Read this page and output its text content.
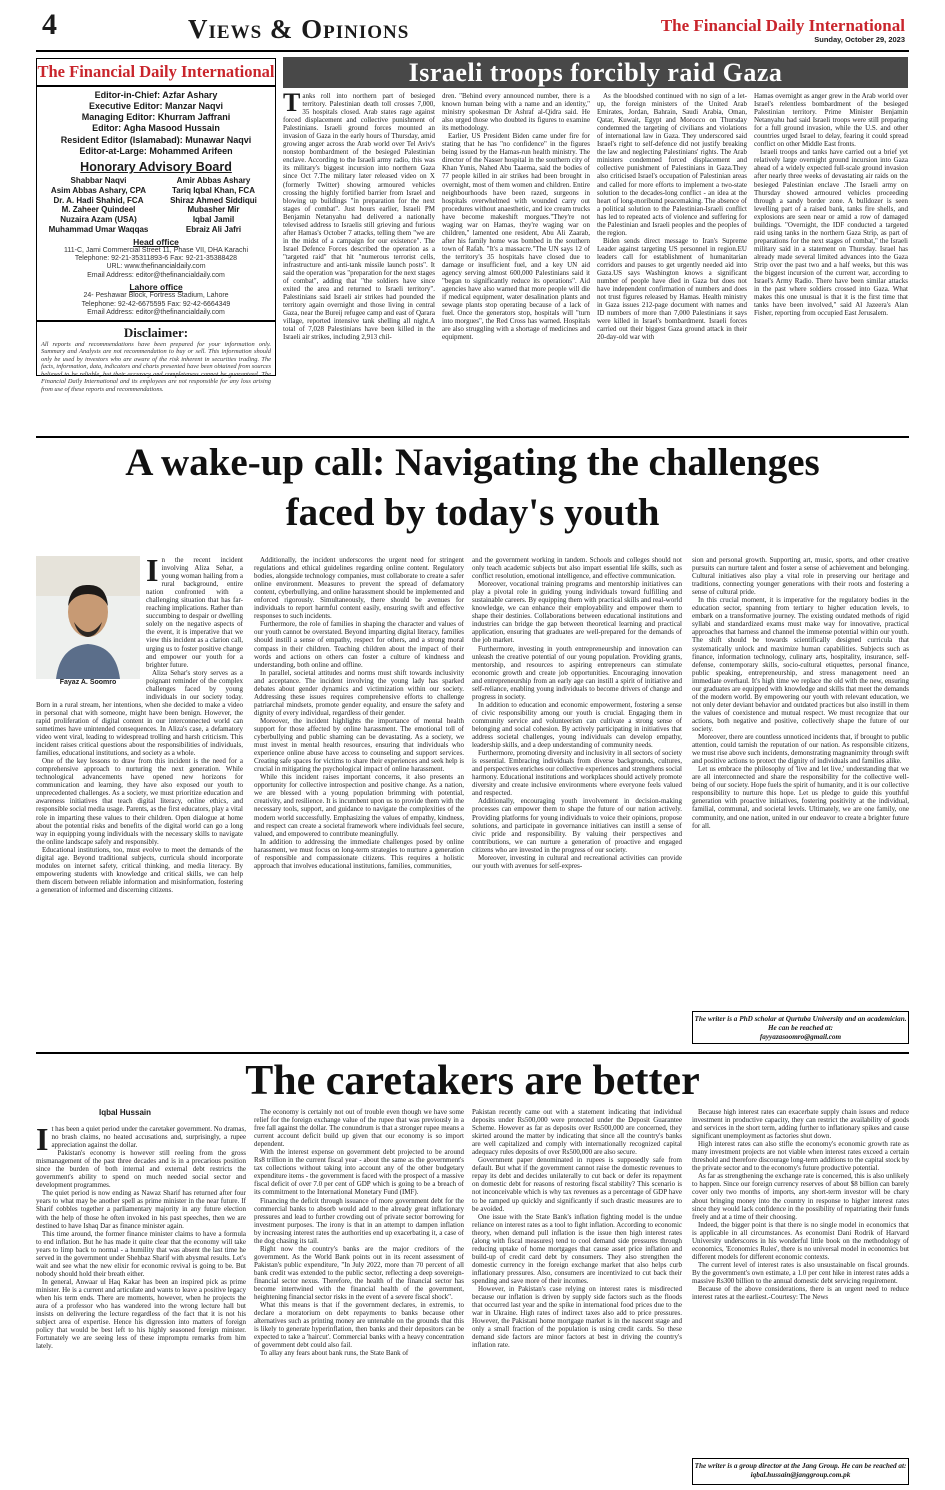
4	Views & Opinions	The Financial Daily International
Sunday, October 29, 2023
The Financial Daily International
Editor-in-Chief: Azfar Ashary
Executive Editor: Manzar Naqvi
Managing Editor: Khurram Jaffrani
Editor: Agha Masood Hussain
Resident Editor (Islamabad): Munawar Naqvi
Editor-at-Large: Mohammed Arifeen
Honorary Advisory Board
Shabbar Naqvi
Asim Abbas Ashary, CPA
Dr. A. Hadi Shahid, FCA
M. Zaheer Quindeel
Nuzaira Azam (USA)
Muhammad Umar Waqqas
Amir Abbas Ashary
Tariq Iqbal Khan, FCA
Shiraz Ahmed Siddiqui
Mubasher Mir
Iqbal Jamil
Ebraiz Ali Jafri
Head office
111-C, Jami Commercial Street 11, Phase VII, DHA Karachi
Telephone: 92-21-35311893-6 Fax: 92-21-35388428
URL: www.thefinancialdaily.com
Email Address: editor@thefinancialdaily.com
Lahore office
24- Peshawar Block, Fortress Stadium, Lahore
Telephone: 92-42-6675595 Fax: 92-42-6664349
Email Address: editor@thefinancialdaily.com
Disclaimer:
All reports and recommendations have been prepared for your information only. Summary and Analysis are not recommendation to buy or sell. This information should only be used by investors who are aware of the risk inherent in securities trading. The facts, information, data, indicators and charts presented have been obtained from sources believed to be reliable, but their accuracy and completeness cannot be guaranteed. The Financial Daily International and its employees are not responsible for any loss arising from use of these reports and recommendations.
Israeli troops forcibly raid Gaza
T anks roll into northern part of besieged territory. Palestinian death toll crosses 7,000, 35 hospitals closed. Arab states rage against forced displacement and collective punishment of Palestinians. Israeli ground forces mounted an invasion of Gaza in the early hours of Thursday, amid growing anger across the Arab world over Tel Aviv's nonstop bombardment of the besieged Palestinian enclave. According to the Israeli army radio, this was its military's biggest incursion into northern Gaza since Oct 7.The military later released video on X (formerly Twitter) showing armoured vehicles crossing the highly fortified barrier from Israel and blowing up buildings "in preparation for the next stages of combat". Just hours earlier, Israeli PM Benjamin Netanyahu had delivered a nationally televised address to Israelis still grieving and furious after Hamas's October 7 attacks, telling them "we are in the midst of a campaign for our existence". The Israel Defence Forces described the operation as a "targeted raid" that hit "numerous terrorist cells, infrastructure and anti-tank missile launch posts". It said the operation was "preparation for the next stages of combat", adding that "the soldiers have since exited the area and returned to Israeli territory". Palestinians said Israeli air strikes had pounded the territory again overnight and those living in central Gaza, near the Bureij refugee camp and east of Qarara village, reported intensive tank shelling all night.A total of 7,028 Palestinians have been killed in the Israeli air strikes, including 2,913 chil-

dren. "Behind every announced number, there is a known human being with a name and an identity," ministry spokesman Dr Ashraf al-Qidra said. He also urged those who doubted its figures to examine its methodology.

Earlier, US President Biden came under fire for stating that he has "no confidence" in the figures being issued by the Hamas-run health ministry. The director of the Nasser hospital in the southern city of Khan Yunis, Nahed Abu Taaema, said the bodies of 77 people killed in air strikes had been brought in overnight, most of them women and children. Entire neighbourhoods have been razed, surgeons in hospitals overwhelmed with wounded carry out procedures without anaesthetic, and ice cream trucks have become makeshift morgues."They're not waging war on Hamas, they're waging war on children," lamented one resident, Abu Ali Zaarab, after his family home was bombed in the southern town of Rafah. "It's a massacre."The UN says 12 of the territory's 35 hospitals have closed due to damage or insufficient fuel, and a key UN aid agency serving almost 600,000 Palestinians said it "began to significantly reduce its operations". Aid agencies have also warned that more people will die if medical equipment, water desalination plants and sewage plants stop operating because of a lack of fuel. Once the generators stop, hospitals will "turn into morgues", the Red Cross has warned. Hospitals are also struggling with a shortage of medicines and equipment.

As the bloodshed continued with no sign of a let-up, the foreign ministers of the United Arab Emirates, Jordan, Bahrain, Saudi Arabia, Oman, Qatar, Kuwait, Egypt and Morocco on Thursday condemned the targeting of civilians and violations of international law in Gaza. They underscored said Israel's right to self-defence did not justify breaking the law and neglecting Palestinians' rights. The Arab ministers condemned forced displacement and collective punishment of Palestinians in Gaza.They also criticised Israel's occupation of Palestinian areas and called for more efforts to implement a two-state solution to the decades-long conflict - an idea at the heart of long-moribund peacemaking. The absence of a political solution to the Palestinian-Israeli conflict has led to repeated acts of violence and suffering for the Palestinian and Israeli peoples and the peoples of the region.

Biden sends direct message to Iran's Supreme Leader against targeting US personnel in region.EU leaders call for establishment of humanitarian corridors and pauses to get urgently needed aid into Gaza.US says Washington knows a significant number of people have died in Gaza but does not have independent confirmation of numbers and does not trust figures released by Hamas. Health ministry in Gaza issues 212-page document with names and ID numbers of more than 7,000 Palestinians it says were killed in Israel's bombardment. Israeli forces carried out their biggest Gaza ground attack in their 20-day-old war with

Hamas overnight as anger grew in the Arab world over Israel's relentless bombardment of the besieged Palestinian territory. Prime Minister Benjamin Netanyahu had said Israeli troops were still preparing for a full ground invasion, while the U.S. and other countries urged Israel to delay, fearing it could spread conflict on other Middle East fronts.

Israeli troops and tanks have carried out a brief yet relatively large overnight ground incursion into Gaza ahead of a widely expected full-scale ground invasion after nearly three weeks of devastating air raids on the besieged Palestinian enclave .The Israeli army on Thursday showed armoured vehicles proceeding through a sandy border zone. A bulldozer is seen levelling part of a raised bank, tanks fire shells, and explosions are seen near or amid a row of damaged buildings. "Overnight, the IDF conducted a targeted raid using tanks in the northern Gaza Strip, as part of preparations for the next stages of combat," the Israeli military said in a statement on Thursday. Israel has already made several limited advances into the Gaza Strip over the past two and a half weeks, but this was the biggest incursion of the current war, according to Israel's Army Radio. There have been similar attacks in the past where soldiers crossed into Gaza. What makes this one unusual is that it is the first time that tanks have been involved," said Al Jazeera's Alan Fisher, reporting from occupied East Jerusalem.

A wake-up call: Navigating the challenges
faced by today's youth
Fayaz A. Soomro
I n the recent incident involving Aliza Sehar, a young woman hailing from a rural background, entire nation confronted with a challenging situation that has far-reaching implications. Rather than succumbing to despair or dwelling solely on the negative aspects of the event, it is imperative that we view this incident as a clarion call, urging us to foster positive change and empower our youth for a brighter future.

Aliza Sehar's story serves as a poignant reminder of the complex challenges faced by young individuals in our society today. Born in a rural stream, her intentions, when she decided to make a video in personal chat with someone, might have been benign. However, the rapid proliferation of digital content in our interconnected world can sometimes have unintended consequences. In Aliza's case, a defamatory video went viral, leading to widespread trolling and harsh criticism. This incident raises critical questions about the responsibilities of individuals, families, educational institutions, and society as a whole.

One of the key lessons to draw from this incident is the need for a comprehensive approach to nurturing the next generation. While technological advancements have opened new horizons for communication and learning, they have also exposed our youth to unprecedented challenges. As a society, we must prioritize education and awareness initiatives that teach digital literacy, online ethics, and responsible social media usage. Parents, as the first educators, play a vital role in imparting these values to their children. Open dialogue at home about the potential risks and benefits of the digital world can go a long way in equipping young individuals with the necessary skills to navigate the online landscape safely and responsibly.

Educational institutions, too, must evolve to meet the demands of the digital age. Beyond traditional subjects, curricula should incorporate modules on internet safety, critical thinking, and media literacy. By empowering students with knowledge and critical skills, we can help them discern between reliable information and misinformation, fostering a generation of informed and discerning citizens.

Additionally, the incident underscores the urgent need for stringent regulations and ethical guidelines regarding online content. Regulatory bodies, alongside technology companies, must collaborate to create a safer online environment. Measures to prevent the spread of defamatory content, cyberbullying, and online harassment should be implemented and enforced rigorously. Simultaneously, there should be avenues for individuals to report harmful content easily, ensuring swift and effective responses to such incidents.

Furthermore, the role of families in shaping the character and values of our youth cannot be overstated. Beyond imparting digital literacy, families should instill a sense of empathy, respect for others, and a strong moral compass in their children. Teaching children about the impact of their words and actions on others can foster a culture of kindness and understanding, both online and offline.

In parallel, societal attitudes and norms must shift towards inclusivity and acceptance. The incident involving the young lady has sparked debates about gender dynamics and victimization within our society. Addressing these issues requires comprehensive efforts to challenge patriarchal mindsets, promote gender equality, and ensure the safety and dignity of every individual, regardless of their gender.

Moreover, the incident highlights the importance of mental health support for those affected by online harassment. The emotional toll of cyberbullying and public shaming can be devastating. As a society, we must invest in mental health resources, ensuring that individuals who experience online abuse have access to counseling and support services. Creating safe spaces for victims to share their experiences and seek help is crucial in mitigating the psychological impact of online harassment.

While this incident raises important concerns, it also presents an opportunity for collective introspection and positive change. As a nation, we are blessed with a young population brimming with potential, creativity, and resilience. It is incumbent upon us to provide them with the necessary tools, support, and guidance to navigate the complexities of the modern world successfully. Emphasizing the values of empathy, kindness, and respect can create a societal framework where individuals feel secure, valued, and empowered to contribute meaningfully.

In addition to addressing the immediate challenges posed by online harassment, we must focus on long-term strategies to nurture a generation of responsible and compassionate citizens. This requires a holistic approach that involves educational institutions, families, communities,

and the government working in tandem. Schools and colleges should not only teach academic subjects but also impart essential life skills, such as conflict resolution, emotional intelligence, and effective communication.

Moreover, vocational training programs and mentorship initiatives can play a pivotal role in guiding young individuals toward fulfilling and sustainable careers. By equipping them with practical skills and real-world knowledge, we can enhance their employability and empower them to shape their destinies. Collaborations between educational institutions and industries can bridge the gap between theoretical learning and practical application, ensuring that graduates are well-prepared for the demands of the job market.

Furthermore, investing in youth entrepreneurship and innovation can unleash the creative potential of our young population. Providing grants, mentorship, and resources to aspiring entrepreneurs can stimulate economic growth and create job opportunities. Encouraging innovation and entrepreneurship from an early age can instill a spirit of initiative and self-reliance, enabling young individuals to become drivers of change and progress in society.

In addition to education and economic empowerment, fostering a sense of civic responsibility among our youth is crucial. Engaging them in community service and volunteerism can cultivate a strong sense of belonging and social cohesion. By actively participating in initiatives that address societal challenges, young individuals can develop empathy, leadership skills, and a deep understanding of community needs.

Furthermore, promoting diversity and inclusivity in all sectors of society is essential. Embracing individuals from diverse backgrounds, cultures, and perspectives enriches our collective experiences and strengthens social harmony. Educational institutions and workplaces should actively promote diversity and create inclusive environments where everyone feels valued and respected.

Additionally, encouraging youth involvement in decision-making processes can empower them to shape the future of our nation actively. Providing platforms for young individuals to voice their opinions, propose solutions, and participate in governance initiatives can instill a sense of civic pride and responsibility. By valuing their perspectives and contributions, we can nurture a generation of proactive and engaged citizens who are invested in the progress of our society.

Moreover, investing in cultural and recreational activities can provide our youth with avenues for self-expres-

sion and personal growth. Supporting art, music, sports, and other creative pursuits can nurture talent and foster a sense of achievement and belonging. Cultural initiatives also play a vital role in preserving our heritage and traditions, connecting younger generations with their roots and fostering a sense of cultural pride.

In this crucial moment, it is imperative for the regulatory bodies in the education sector, spanning from tertiary to higher education levels, to embark on a transformative journey. The existing outdated methods of rigid syllabi and standardized exams must make way for innovative, practical approaches that harness and channel the immense potential within our youth. The shift should be towards scientifically designed curricula that systematically unlock and maximize human capabilities. Subjects such as finance, information technology, culinary arts, hospitality, insurance, self-defense, contemporary skills, socio-cultural etiquettes, personal finance, public speaking, entrepreneurship, and stress management need an immediate overhaul. It's high time we replace the old with the new, ensuring our graduates are equipped with knowledge and skills that meet the demands of the modern world. By empowering our youth with relevant education, we not only deter deviant behavior and outdated practices but also instill in them the values of coexistence and mutual respect. We must recognize that our actions, both negative and positive, collectively shape the future of our society.

Moreover, there are countless unnoticed incidents that, if brought to public attention, could tarnish the reputation of our nation. As responsible citizens, we must rise above such incidents, demonstrating magnanimity through swift and positive actions to protect the dignity of individuals and families alike.

Let us embrace the philosophy of 'live and let live,' understanding that we are all interconnected and share the responsibility for the collective well-being of our society. Hope fuels the spirit of humanity, and it is our collective responsibility to nurture this hope. Let us pledge to guide this youthful generation with proactive initiatives, fostering positivity at the individual, familial, communal, and societal levels. Ultimately, we are one family, one community, and one nation, united in our endeavor to create a brighter future for all.

The writer is a PhD scholar at Qurtuba University and an academician. He can be reached at:
fayyazasoomro@gmail.com
The caretakers are better
Iqbal Hussain
I t has been a quiet period under the caretaker government. No dramas, no brash claims, no heated accusations and, surprisingly, a rupee appreciation against the dollar.

Pakistan's economy is however still reeling from the gross mismanagement of the past three decades and is in a precarious position since the burden of both internal and external debt restricts the government's ability to spend on much needed social sector and development programmes.

The quiet period is now ending as Nawaz Sharif has returned after four years to what may be another spell as prime minister in the near future. If Sharif cobbles together a parliamentary majority in any future election with the help of those he often invoked in his past speeches, then we are destined to have Ishaq Dar as finance minister again.

This time around, the former finance minister claims to have a formula to end inflation. But he has made it quite clear that the economy will take years to limp back to normal - a humility that was absent the last time he served in the government under Shehbaz Sharif with abysmal results. Let's wait and see what the new elixir for economic revival is going to be. But nobody should hold their breath either.

In general, Anwaar ul Haq Kakar has been an inspired pick as prime minister. He is a current and articulate and wants to leave a positive legacy when his term ends. There are moments, however, when he projects the aura of a professor who has wandered into the wrong lecture hall but insists on delivering the lecture regardless of the fact that it is not his subject area of expertise. Hence his digression into matters of foreign policy that would be best left to his highly seasoned foreign minister. Fortunately we are seeing less of these impromptu remarks from him lately.

The economy is certainly not out of trouble even though we have some relief for the foreign exchange value of the rupee that was previously in a free fall against the dollar. The conundrum is that a stronger rupee means a current account deficit build up given that our economy is so import dependent.

With the interest expense on government debt projected to be around Rs8 trillion in the current fiscal year - about the same as the government's tax collections without taking into account any of the other budgetary expenditure items - the government is faced with the prospect of a massive fiscal deficit of over 7.0 per cent of GDP which is going to be a breach of its commitment to the International Monetary Fund (IMF).

Financing the deficit through issuance of more government debt for the commercial banks to absorb would add to the already great inflationary pressures and lead to further crowding out of private sector borrowing for investment purposes. The irony is that in an attempt to dampen inflation by increasing interest rates the authorities end up exacerbating it, a case of the dog chasing its tail.

Right now the country's banks are the major creditors of the government. As the World Bank points out in its recent assessment of Pakistan's public expenditure, "In July 2022, more than 70 percent of all bank credit was extended to the public sector, reflecting a deep sovereign-financial sector nexus. Therefore, the health of the financial sector has become intertwined with the financial health of the government, heightening financial sector risks in the event of a severe fiscal shock".

What this means is that if the government declares, in extremis, to declare a moratorium on debt repayments to banks because other alternatives such as printing money are untenable on the grounds that this is likely to generate hyperinflation, then banks and their depositors can be expected to take a 'haircut'. Commercial banks with a heavy concentration of government debt could also fail.

To allay any fears about bank runs, the State Bank of

Pakistan recently came out with a statement indicating that individual deposits under Rs500,000 were protected under the Deposit Guarantee Scheme. However as far as deposits over Rs500,000 are concerned, they skirted around the matter by indicating that since all the country's banks are well capitalized and comply with internationally recognized capital adequacy rules deposits of over Rs500,000 are also secure.

Government paper denominated in rupees is supposedly safe from default. But what if the government cannot raise the domestic revenues to repay its debt and decides unilaterally to cut back or defer its repayment on domestic debt for reasons of restoring fiscal stability? This scenario is not inconceivable which is why tax revenues as a percentage of GDP have to be ramped up quickly and significantly if such drastic measures are to be avoided.

One issue with the State Bank's inflation fighting model is the undue reliance on interest rates as a tool to fight inflation. According to economic theory, when demand pull inflation is the issue then high interest rates (along with fiscal measures) tend to cool demand side pressures through reducing uptake of home mortgages that cause asset price inflation and build-up of credit card debt by consumers. They also strengthen the domestic currency in the foreign exchange market that also helps curb inflationary pressures. Also, consumers are incentivized to cut back their spending and save more of their incomes.

However, in Pakistan's case relying on interest rates is misdirected because our inflation is driven by supply side factors such as the floods that occurred last year and the spike in international food prices due to the war in Ukraine. High rates of indirect taxes also add to price pressures. However, the Pakistani home mortgage market is in the nascent stage and only a small fraction of the population is using credit cards. So these demand side factors are minor factors at best in driving the country's inflation rate.

Because high interest rates can exacerbate supply chain issues and reduce investment in productive capacity, they can restrict the availability of goods and services in the short term, adding further to inflationary spikes and cause significant unemployment as factories shut down.

High interest rates can also stifle the economy's economic growth rate as many investment projects are not viable when interest rates exceed a certain threshold and therefore discourage long-term additions to the capital stock by the private sector and to the economy's future productive potential.

As far as strengthening the exchange rate is concerned, this is also unlikely to happen. Since our foreign currency reserves of about $8 billion can barely cover only two months of imports, any short-term investor will be chary about bringing money into the country in response to higher interest rates since they would lack confidence in the possibility of repatriating their funds freely and at a time of their choosing.

Indeed, the bigger point is that there is no single model in economics that is applicable in all circumstances. As economist Dani Rodrik of Harvard University underscores in his wonderful little book on the methodology of economics, 'Economics Rules', there is no universal model in economics but different models for different economic contexts.

The current level of interest rates is also unsustainable on fiscal grounds. By the government's own estimate, a 1.0 per cent hike in interest rates adds a massive Rs300 billion to the annual domestic debt servicing requirement.

Because of the above considerations, there is an urgent need to reduce interest rates at the earliest.-Courtesy: The News

The writer is a group director at the Jang Group. He can be reached at: iqbal.hussain@janggroup.com.pk
